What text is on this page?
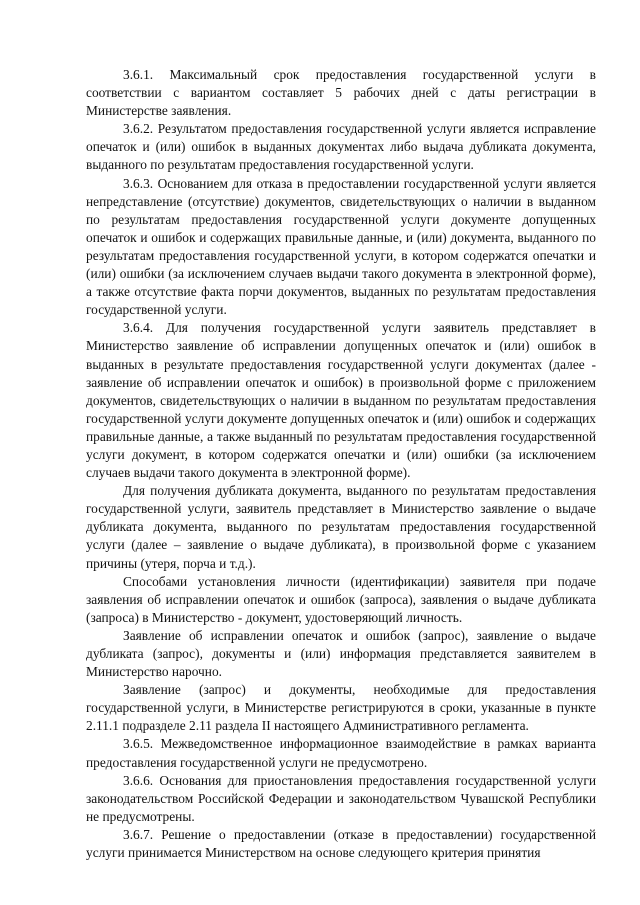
3.6.1. Максимальный срок предоставления государственной услуги в соответствии с вариантом составляет 5 рабочих дней с даты регистрации в Министерстве заявления.

3.6.2. Результатом предоставления государственной услуги является исправление опечаток и (или) ошибок в выданных документах либо выдача дубликата документа, выданного по результатам предоставления государственной услуги.

3.6.3. Основанием для отказа в предоставлении государственной услуги является непредставление (отсутствие) документов, свидетельствующих о наличии в выданном по результатам предоставления государственной услуги документе допущенных опечаток и ошибок и содержащих правильные данные, и (или) документа, выданного по результатам предоставления государственной услуги, в котором содержатся опечатки и (или) ошибки (за исключением случаев выдачи такого документа в электронной форме), а также отсутствие факта порчи документов, выданных по результатам предоставления государственной услуги.

3.6.4. Для получения государственной услуги заявитель представляет в Министерство заявление об исправлении допущенных опечаток и (или) ошибок в выданных в результате предоставления государственной услуги документах (далее - заявление об исправлении опечаток и ошибок) в произвольной форме с приложением документов, свидетельствующих о наличии в выданном по результатам предоставления государственной услуги документе допущенных опечаток и (или) ошибок и содержащих правильные данные, а также выданный по результатам предоставления государственной услуги документ, в котором содержатся опечатки и (или) ошибки (за исключением случаев выдачи такого документа в электронной форме).

Для получения дубликата документа, выданного по результатам предоставления государственной услуги, заявитель представляет в Министерство заявление о выдаче дубликата документа, выданного по результатам предоставления государственной услуги (далее – заявление о выдаче дубликата), в произвольной форме с указанием причины (утеря, порча и т.д.).

Способами установления личности (идентификации) заявителя при подаче заявления об исправлении опечаток и ошибок (запроса), заявления о выдаче дубликата (запроса) в Министерство - документ, удостоверяющий личность.

Заявление об исправлении опечаток и ошибок (запрос), заявление о выдаче дубликата (запрос), документы и (или) информация представляется заявителем в Министерство нарочно.

Заявление (запрос) и документы, необходимые для предоставления государственной услуги, в Министерстве регистрируются в сроки, указанные в пункте 2.11.1 подразделе 2.11 раздела II настоящего Административного регламента.

3.6.5. Межведомственное информационное взаимодействие в рамках варианта предоставления государственной услуги не предусмотрено.

3.6.6. Основания для приостановления предоставления государственной услуги законодательством Российской Федерации и законодательством Чувашской Республики не предусмотрены.

3.6.7. Решение о предоставлении (отказе в предоставлении) государственной услуги принимается Министерством на основе следующего критерия принятия
